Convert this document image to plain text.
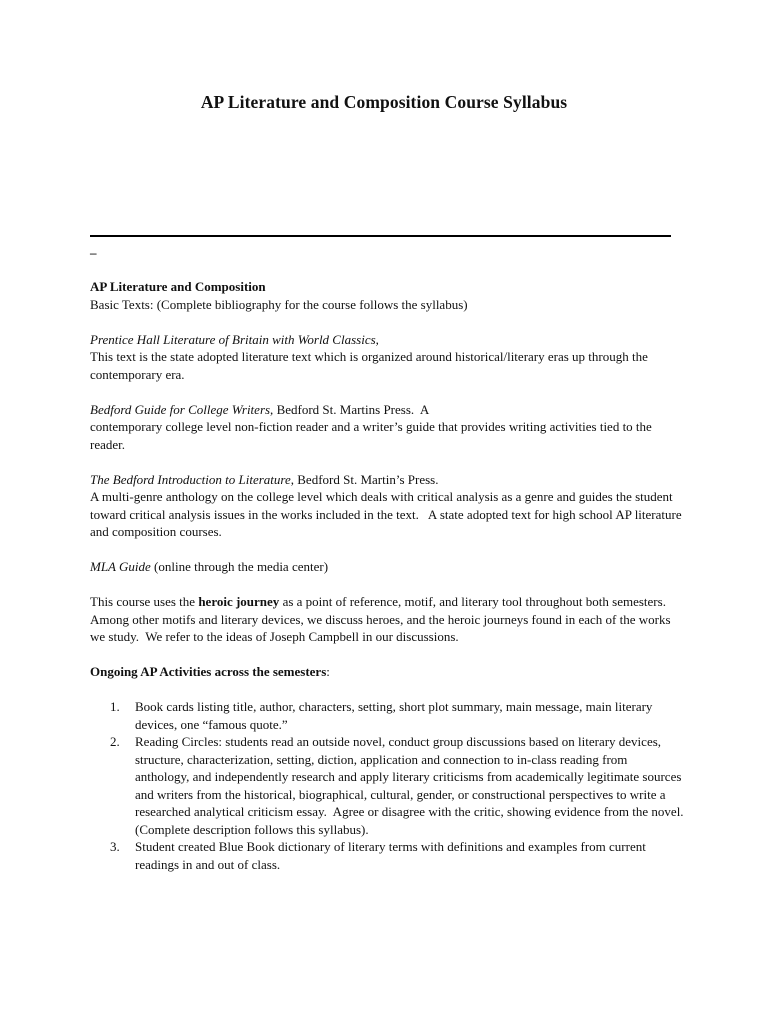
AP Literature and Composition Course Syllabus
–

AP Literature and Composition

Basic Texts: (Complete bibliography for the course follows the syllabus)

Prentice Hall Literature of Britain with World Classics,

This text is the state adopted literature text which is organized around historical/literary eras up through the contemporary era.

Bedford Guide for College Writers, Bedford St. Martins Press.  A

contemporary college level non-fiction reader and a writer’s guide that provides writing activities tied to the reader.

The Bedford Introduction to Literature, Bedford St. Martin’s Press.

A multi-genre anthology on the college level which deals with critical analysis as a genre and guides the student toward critical analysis issues in the works included in the text.   A state adopted text for high school AP literature and composition courses.

MLA Guide (online through the media center)

This course uses the heroic journey as a point of reference, motif, and literary tool throughout both semesters.  Among other motifs and literary devices, we discuss heroes, and the heroic journeys found in each of the works we study.  We refer to the ideas of Joseph Campbell in our discussions.

Ongoing AP Activities across the semesters:

1. Book cards listing title, author, characters, setting, short plot summary, main message, main literary devices, one “famous quote.”
2. Reading Circles: students read an outside novel, conduct group discussions based on literary devices, structure, characterization, setting, diction, application and connection to in-class reading from anthology, and independently research and apply literary criticisms from academically legitimate sources and writers from the historical, biographical, cultural, gender, or constructional perspectives to write a researched analytical criticism essay.  Agree or disagree with the critic, showing evidence from the novel. (Complete description follows this syllabus).
3. Student created Blue Book dictionary of literary terms with definitions and examples from current readings in and out of class.
